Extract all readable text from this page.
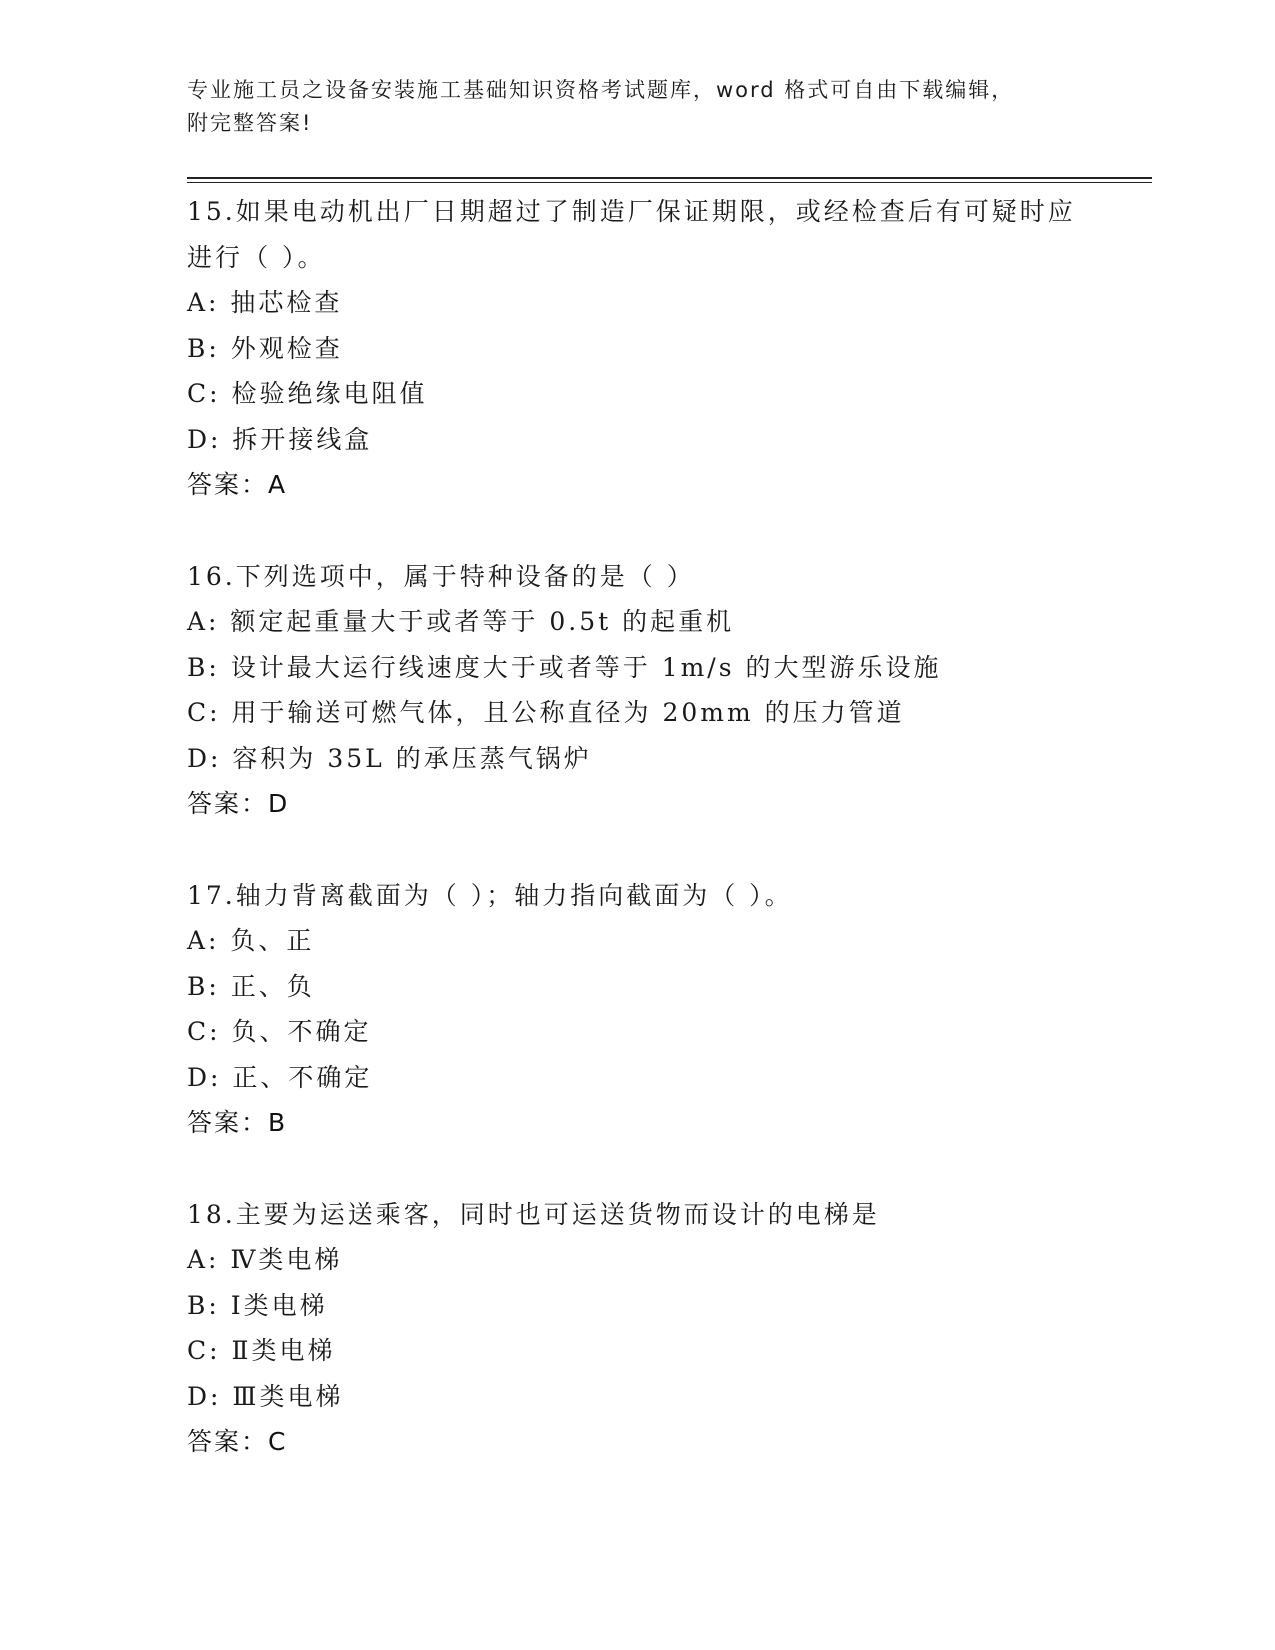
专业施工员之设备安装施工基础知识资格考试题库，word 格式可自由下载编辑，
附完整答案!
15.如果电动机出厂日期超过了制造厂保证期限，或经检查后有可疑时应进行（ ）。
A: 抽芯检查
B: 外观检查
C: 检验绝缘电阻值
D: 拆开接线盒
答案：A
16.下列选项中，属于特种设备的是（ ）
A: 额定起重量大于或者等于 0.5t 的起重机
B: 设计最大运行线速度大于或者等于 1m/s 的大型游乐设施
C: 用于输送可燃气体，且公称直径为 20mm 的压力管道
D: 容积为 35L 的承压蒸气锅炉
答案：D
17.轴力背离截面为（ ）；轴力指向截面为（ ）。
A: 负、正
B: 正、负
C: 负、不确定
D: 正、不确定
答案：B
18.主要为运送乘客，同时也可运送货物而设计的电梯是
A: Ⅳ类电梯
B: Ⅰ类电梯
C: Ⅱ类电梯
D: Ⅲ类电梯
答案：C
